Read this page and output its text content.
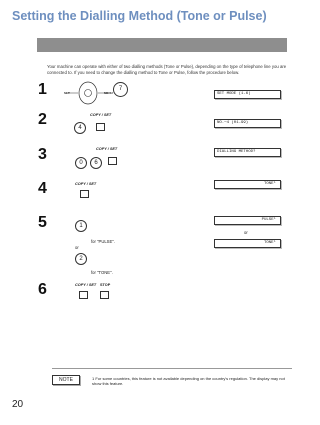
Setting the Dialling Method (Tone or Pulse)
Your machine can operate with either of two dialling methods (Tone or Pulse), depending on the type of telephone line you are connected to. If you need to change the dialling method to Tone or Pulse, follow the procedure below.
1	SET	MENU
7
SET MODE (1-6)
2	COPY / SET
4
NO.─4 (01-99)
3	COPY / SET
0	6
DIALLING METHOD?
4	COPY / SET	TONE¹
5	1
for "PULSE".
or
2
for "TONE".
PULSE¹
or
TONE¹
6	COPY / SET STOP
NOTE	1 For some countries, this feature is not available depending on the country's regulation. The display may not show this feature.
20
